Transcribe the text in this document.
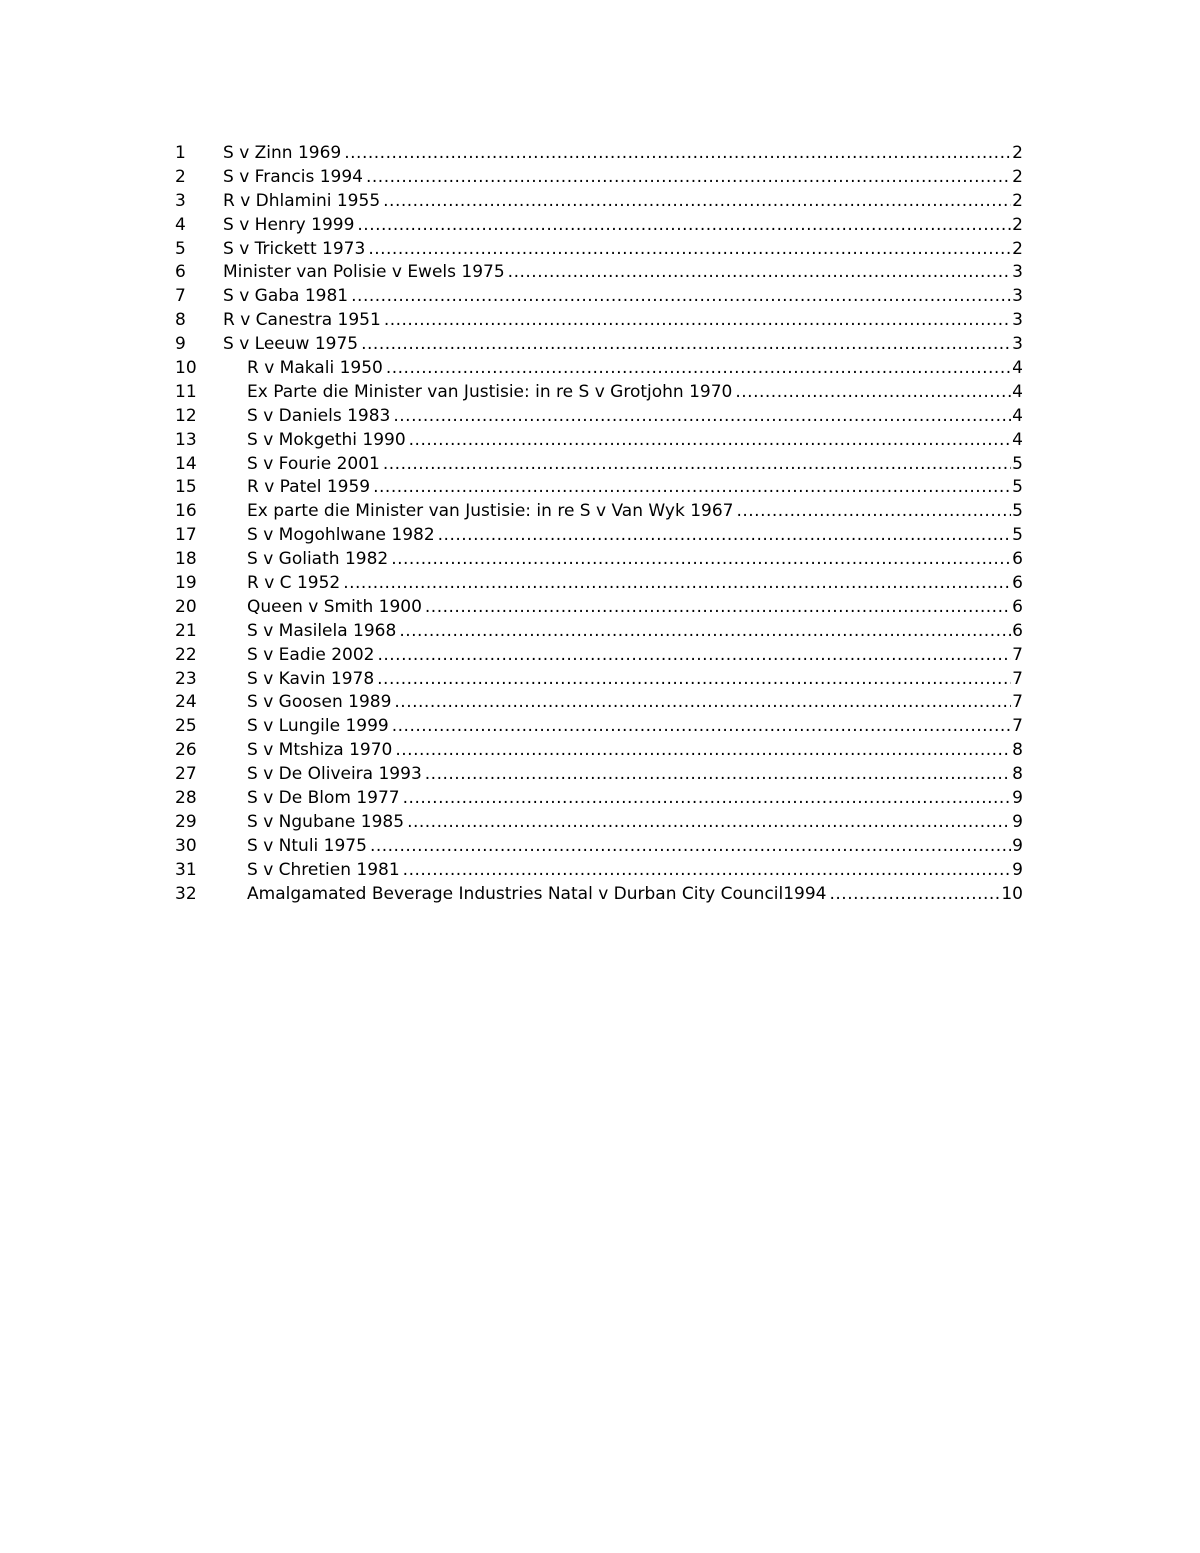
1	S v Zinn 1969 .....	2
2	S v Francis 1994 .....	2
3	R v Dhlamini 1955 .....	2
4	S v Henry 1999 .....	2
5	S v Trickett 1973 .....	2
6	Minister van Polisie v Ewels 1975 .....	3
7	S v Gaba 1981 .....	3
8	R v Canestra 1951 .....	3
9	S v Leeuw 1975 .....	3
10	R v Makali 1950 .....	4
11	Ex Parte die Minister van Justisie: in re S v Grotjohn 1970 .....	4
12	S v Daniels 1983 .....	4
13	S v Mokgethi 1990 .....	4
14	S v Fourie 2001 .....	5
15	R v Patel 1959 .....	5
16	Ex parte die Minister van Justisie: in re S v Van Wyk 1967 .....	5
17	S v Mogohlwane 1982 .....	5
18	S v Goliath 1982 .....	6
19	R v C 1952 .....	6
20	Queen v Smith 1900 .....	6
21	S v Masilela 1968 .....	6
22	S v Eadie 2002 .....	7
23	S v Kavin 1978 .....	7
24	S v Goosen 1989 .....	7
25	S v Lungile 1999 .....	7
26	S v Mtshiza 1970 .....	8
27	S v De Oliveira 1993 .....	8
28	S v De Blom 1977 .....	9
29	S v Ngubane 1985 .....	9
30	S v Ntuli 1975 .....	9
31	S v Chretien 1981 .....	9
32	Amalgamated Beverage Industries Natal v Durban City Council1994 .....	10
